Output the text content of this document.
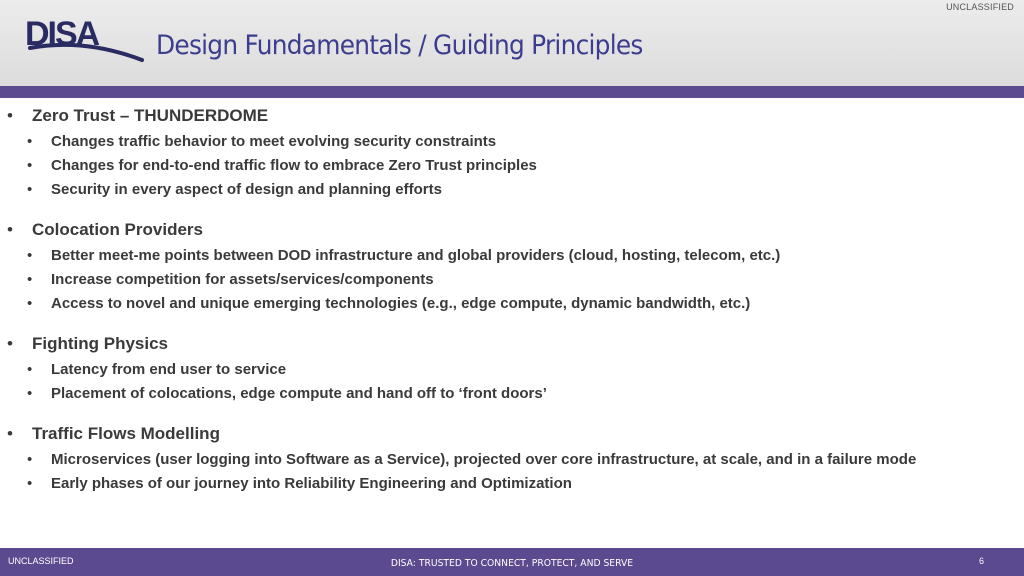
UNCLASSIFIED
DISA Design Fundamentals / Guiding Principles
• Zero Trust – THUNDERDOME
• Changes traffic behavior to meet evolving security constraints
• Changes for end-to-end traffic flow to embrace Zero Trust principles
• Security in every aspect of design and planning efforts
• Colocation Providers
• Better meet-me points between DOD infrastructure and global providers (cloud, hosting, telecom, etc.)
• Increase competition for assets/services/components
• Access to novel and unique emerging technologies (e.g., edge compute, dynamic bandwidth, etc.)
• Fighting Physics
• Latency from end user to service
• Placement of colocations, edge compute and hand off to ‘front doors’
• Traffic Flows Modelling
• Microservices (user logging into Software as a Service), projected over core infrastructure, at scale, and in a failure mode
• Early phases of our journey into Reliability Engineering and Optimization
UNCLASSIFIED	DISA: TRUSTED TO CONNECT, PROTECT, AND SERVE	6
